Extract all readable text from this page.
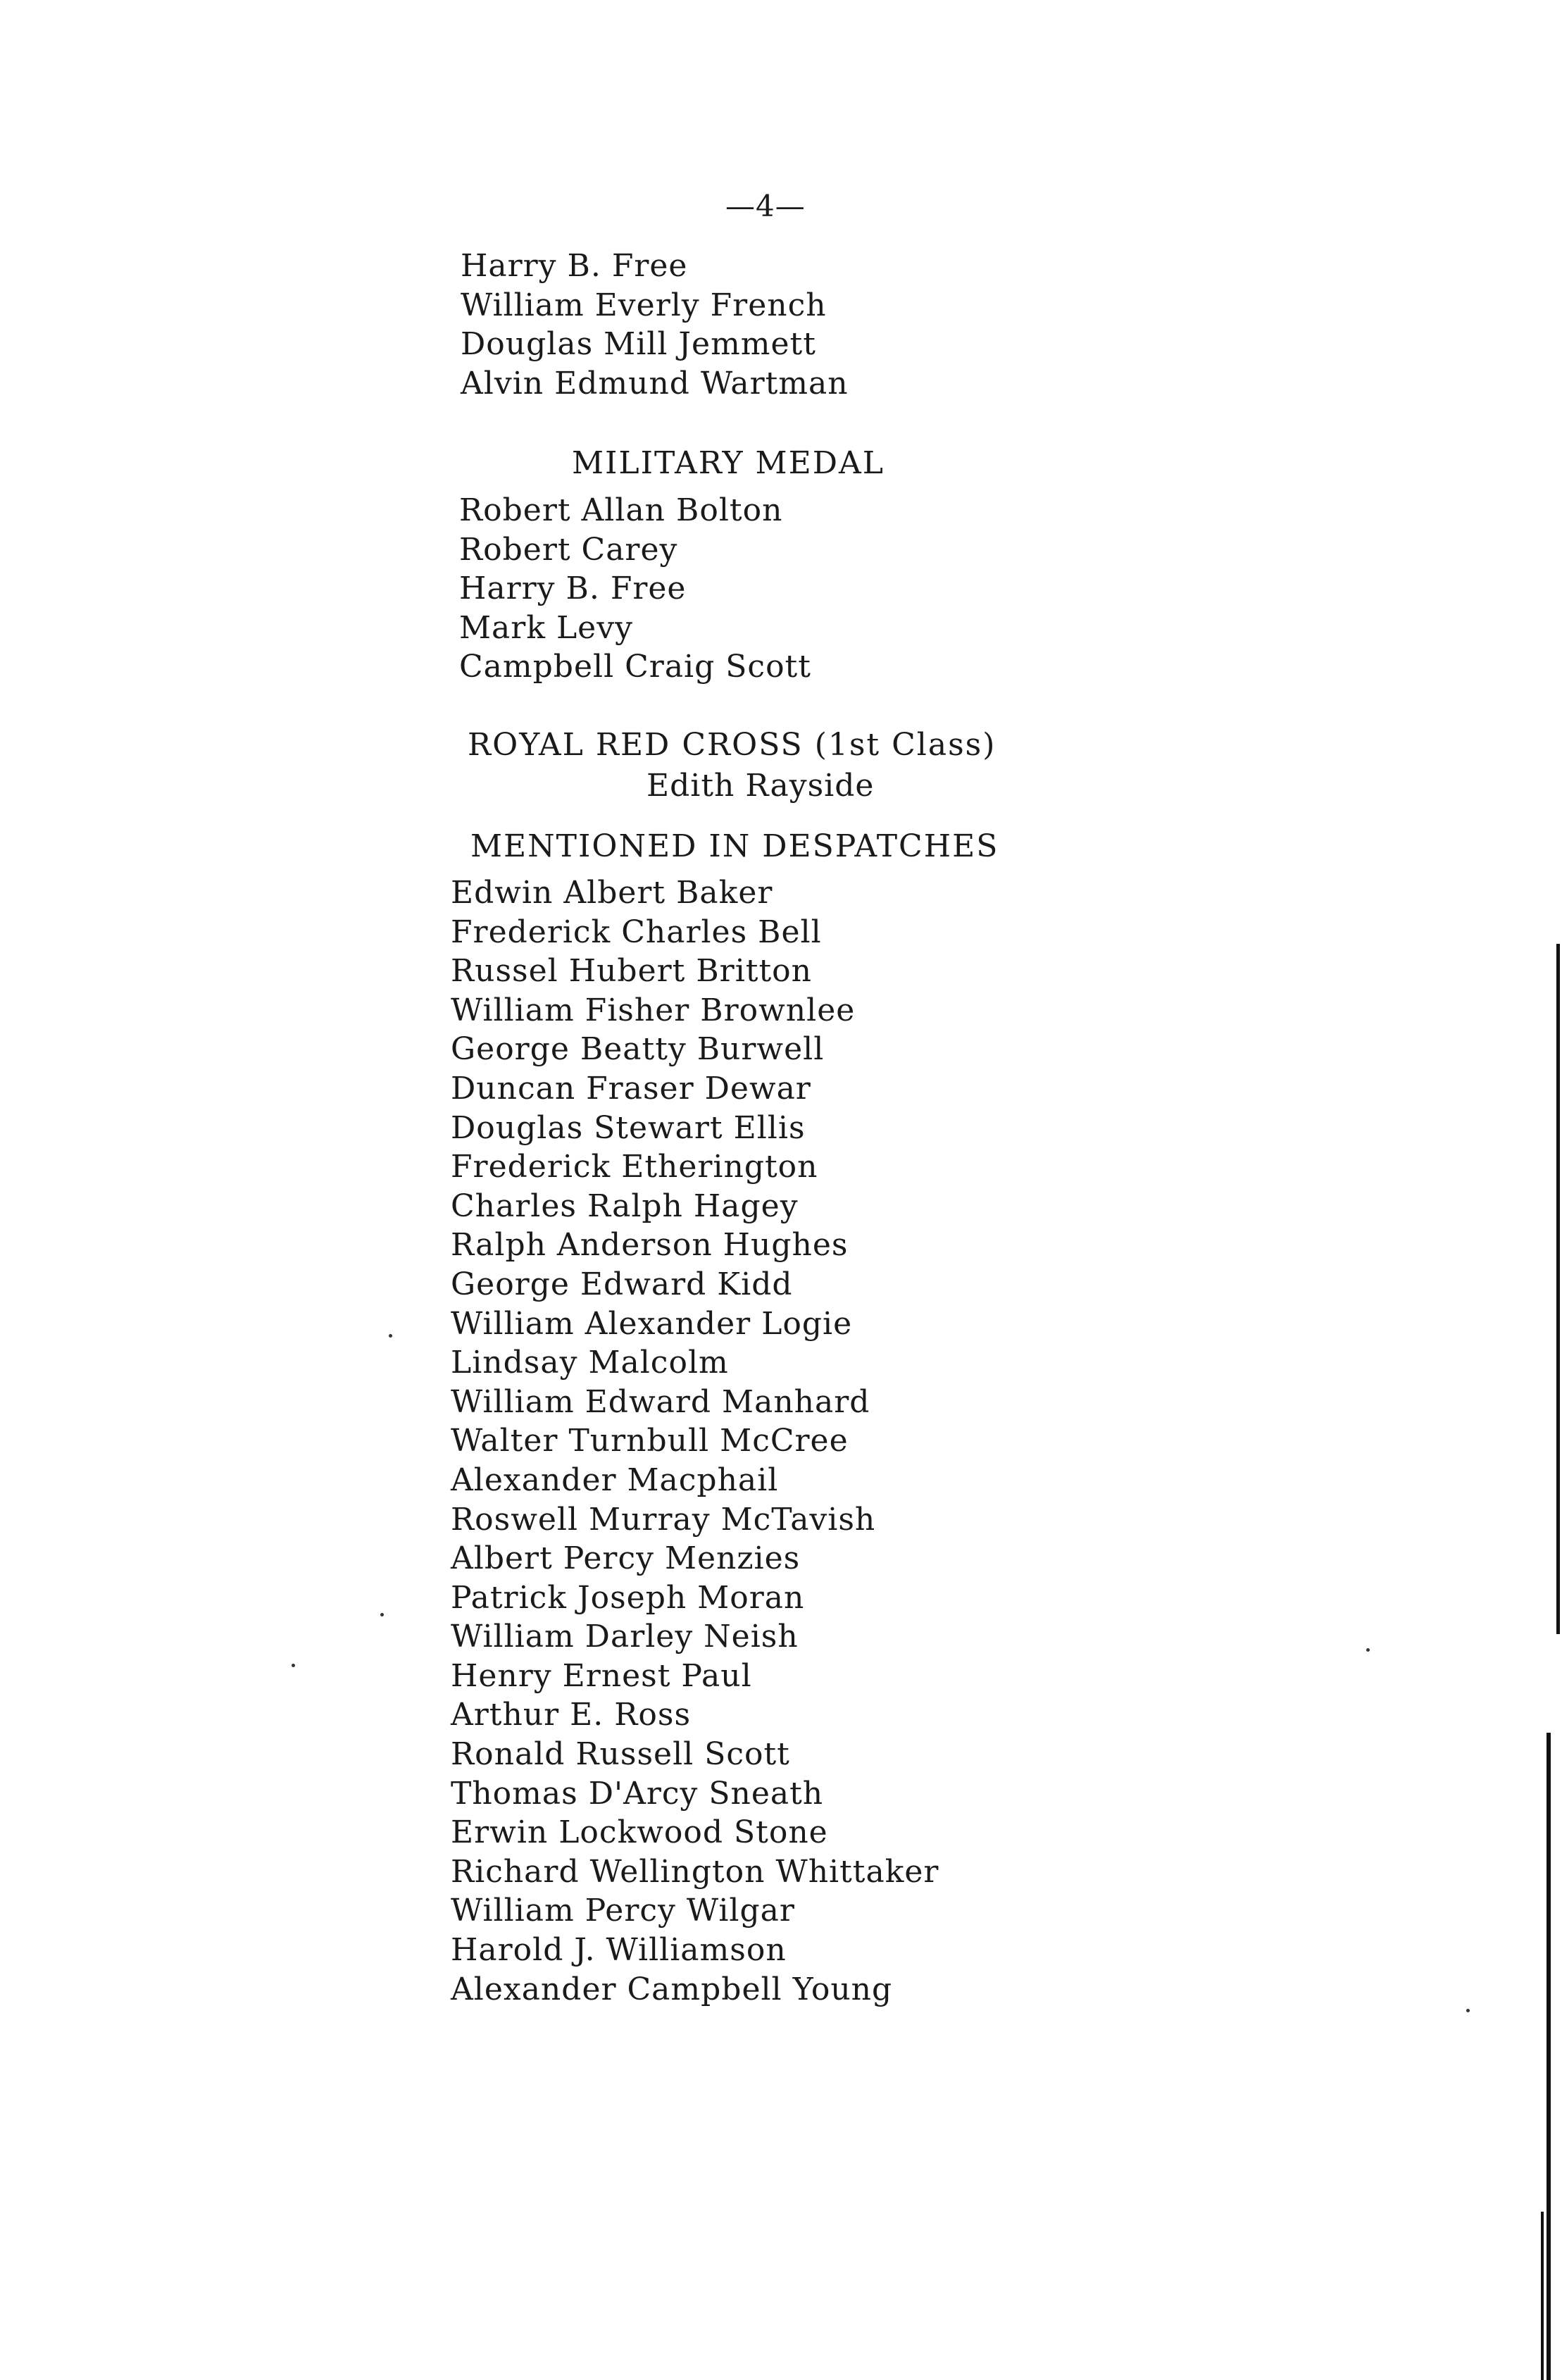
—4—
Harry B. Free
William Everly French
Douglas Mill Jemmett
Alvin Edmund Wartman
MILITARY MEDAL
Robert Allan Bolton
Robert Carey
Harry B. Free
Mark Levy
Campbell Craig Scott
ROYAL RED CROSS (1st Class)
Edith Rayside
MENTIONED IN DESPATCHES
Edwin Albert Baker
Frederick Charles Bell
Russel Hubert Britton
William Fisher Brownlee
George Beatty Burwell
Duncan Fraser Dewar
Douglas Stewart Ellis
Frederick Etherington
Charles Ralph Hagey
Ralph Anderson Hughes
George Edward Kidd
William Alexander Logie
Lindsay Malcolm
William Edward Manhard
Walter Turnbull McCree
Alexander Macphail
Roswell Murray McTavish
Albert Percy Menzies
Patrick Joseph Moran
William Darley Neish
Henry Ernest Paul
Arthur E. Ross
Ronald Russell Scott
Thomas D'Arcy Sneath
Erwin Lockwood Stone
Richard Wellington Whittaker
William Percy Wilgar
Harold J. Williamson
Alexander Campbell Young
